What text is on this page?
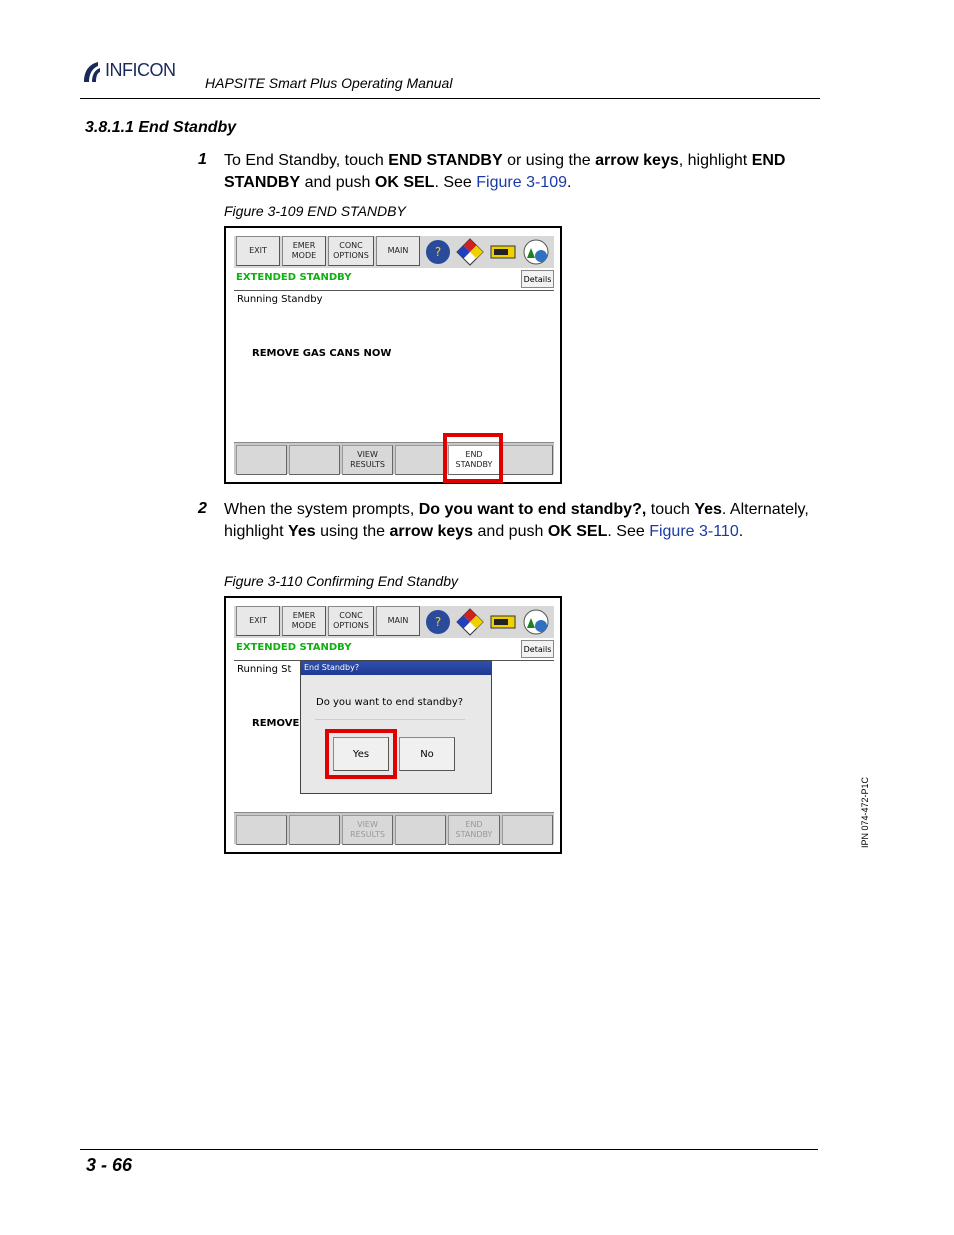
INFICON
HAPSITE Smart Plus Operating Manual
3.8.1.1 End Standby
1 To End Standby, touch END STANDBY or using the arrow keys, highlight END STANDBY and push OK SEL. See Figure 3-109.
Figure 3-109 END STANDBY
EXIT
EMER MODE
CONC OPTIONS
MAIN	?
EXTENDED STANDBY	Details
Running Standby
REMOVE GAS CANS NOW
VIEW RESULTS
END STANDBY
2 When the system prompts, Do you want to end standby?, touch Yes. Alternately, highlight Yes using the arrow keys and push OK SEL. See Figure 3-110.
Figure 3-110 Confirming End Standby
EXIT
EMER MODE
CONC OPTIONS
MAIN	?
EXTENDED STANDBY	Details
Running St
REMOVE
VIEW RESULTS
END STANDBY
End Standby?
Do you want to end standby?
Yes	No
IPN 074-472-P1C
3 - 66
